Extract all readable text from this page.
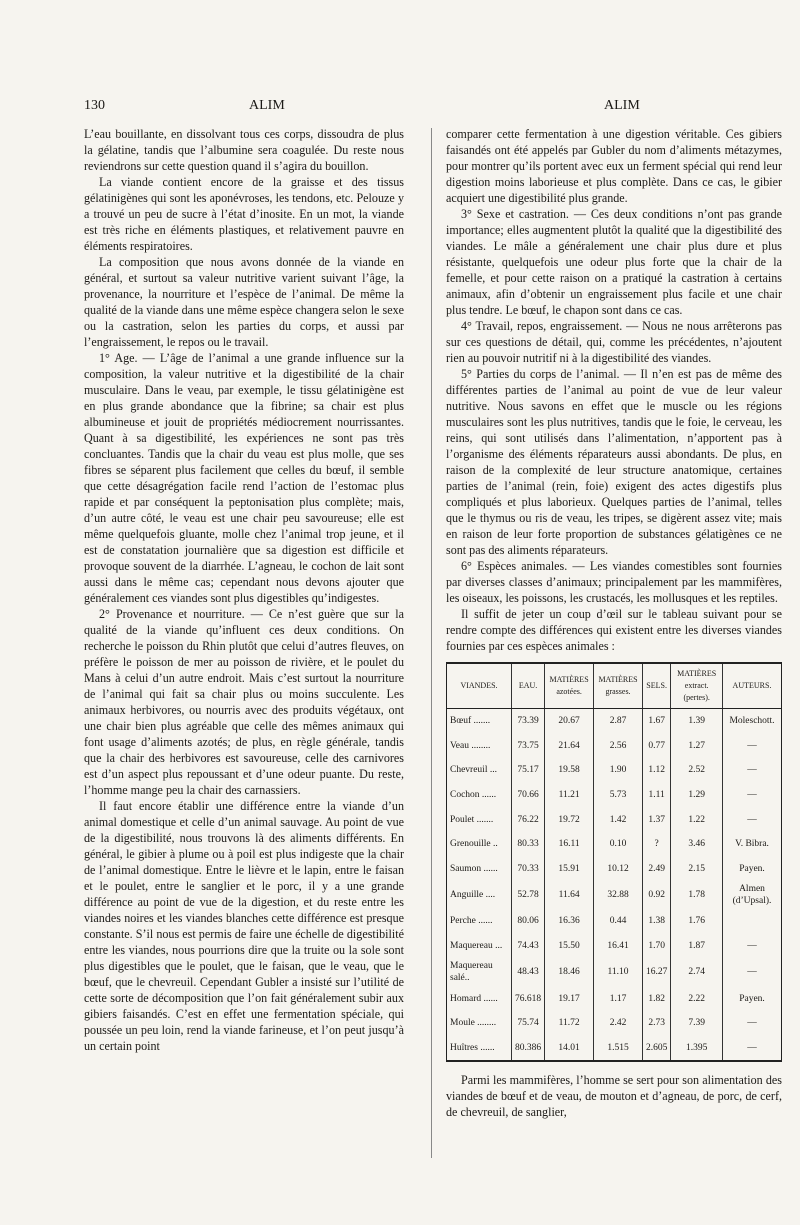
130	ALIM	ALIM

L’eau bouillante, en dissolvant tous ces corps, dissoudra de plus la gélatine, tandis que l’albumine sera coagulée. Du reste nous reviendrons sur cette question quand il s’agira du bouillon.

La viande contient encore de la graisse et des tissus gélatinigènes qui sont les aponévroses, les tendons, etc. Pelouze y a trouvé un peu de sucre à l’état d’inosite. En un mot, la viande est très riche en éléments plastiques, et relativement pauvre en éléments respiratoires.

La composition que nous avons donnée de la viande en général, et surtout sa valeur nutritive varient suivant l’âge, la provenance, la nourriture et l’espèce de l’animal. De même la qualité de la viande dans une même espèce changera selon le sexe ou la castration, selon les parties du corps, et aussi par l’engraissement, le repos ou le travail.

1° Age. — L’âge de l’animal a une grande influence sur la composition, la valeur nutritive et la digestibilité de la chair musculaire. Dans le veau, par exemple, le tissu gélatinigène est en plus grande abondance que la fibrine; sa chair est plus albumineuse et jouit de propriétés médiocrement nourrissantes. Quant à sa digestibilité, les expériences ne sont pas très concluantes. Tandis que la chair du veau est plus molle, que ses fibres se séparent plus facilement que celles du bœuf, il semble que cette désagrégation facile rend l’action de l’estomac plus rapide et par conséquent la peptonisation plus complète; mais, d’un autre côté, le veau est une chair peu savoureuse; elle est même quelquefois gluante, molle chez l’animal trop jeune, et il est de constatation journalière que sa digestion est difficile et provoque souvent de la diarrhée. L’agneau, le cochon de lait sont aussi dans le même cas; cependant nous devons ajouter que généralement ces viandes sont plus digestibles qu’indigestes.

2° Provenance et nourriture. — Ce n’est guère que sur la qualité de la viande qu’influent ces deux conditions. On recherche le poisson du Rhin plutôt que celui d’autres fleuves, on préfère le poisson de mer au poisson de rivière, et le poulet du Mans à celui d’un autre endroit. Mais c’est surtout la nourriture de l’animal qui fait sa chair plus ou moins succulente. Les animaux herbivores, ou nourris avec des produits végétaux, ont une chair bien plus agréable que celle des mêmes animaux qui font usage d’aliments azotés; de plus, en règle générale, tandis que la chair des herbivores est savoureuse, celle des carnivores est d’un aspect plus repoussant et d’une odeur puante. Du reste, l’homme mange peu la chair des carnassiers.

Il faut encore établir une différence entre la viande d’un animal domestique et celle d’un animal sauvage. Au point de vue de la digestibilité, nous trouvons là des aliments différents. En général, le gibier à plume ou à poil est plus indigeste que la chair de l’animal domestique. Entre le lièvre et le lapin, entre le faisan et le poulet, entre le sanglier et le porc, il y a une grande différence au point de vue de la digestion, et du reste entre les viandes noires et les viandes blanches cette différence est presque constante. S’il nous est permis de faire une échelle de digestibilité entre les viandes, nous pourrions dire que la truite ou la sole sont plus digestibles que le poulet, que le faisan, que le veau, que le bœuf, que le chevreuil. Cependant Gubler a insisté sur l’utilité de cette sorte de décomposition que l’on fait généralement subir aux gibiers faisandés. C’est en effet une fermentation spéciale, qui poussée un peu loin, rend la viande farineuse, et l’on peut jusqu’à un certain point

comparer cette fermentation à une digestion véritable. Ces gibiers faisandés ont été appelés par Gubler du nom d’aliments métazymes, pour montrer qu’ils portent avec eux un ferment spécial qui rend leur digestion moins laborieuse et plus complète. Dans ce cas, le gibier acquiert une digestibilité plus grande.

3° Sexe et castration. — Ces deux conditions n’ont pas grande importance; elles augmentent plutôt la qualité que la digestibilité des viandes. Le mâle a généralement une chair plus dure et plus résistante, quelquefois une odeur plus forte que la chair de la femelle, et pour cette raison on a pratiqué la castration à certains animaux, afin d’obtenir un engraissement plus facile et une chair plus tendre. Le bœuf, le chapon sont dans ce cas.

4° Travail, repos, engraissement. — Nous ne nous arrêterons pas sur ces questions de détail, qui, comme les précédentes, n’ajoutent rien au pouvoir nutritif ni à la digestibilité des viandes.

5° Parties du corps de l’animal. — Il n’en est pas de même des différentes parties de l’animal au point de vue de leur valeur nutritive. Nous savons en effet que le muscle ou les régions musculaires sont les plus nutritives, tandis que le foie, le cerveau, les reins, qui sont utilisés dans l’alimentation, n’apportent pas à l’organisme des éléments réparateurs aussi abondants. De plus, en raison de la complexité de leur structure anatomique, certaines parties de l’animal (rein, foie) exigent des actes digestifs plus compliqués et plus laborieux. Quelques parties de l’animal, telles que le thymus ou ris de veau, les tripes, se digèrent assez vite; mais en raison de leur forte proportion de substances gélatigènes ce ne sont pas des aliments réparateurs.

6° Espèces animales. — Les viandes comestibles sont fournies par diverses classes d’animaux; principalement par les mammifères, les oiseaux, les poissons, les crustacés, les mollusques et les reptiles.

Il suffit de jeter un coup d’œil sur le tableau suivant pour se rendre compte des différences qui existent entre les diverses viandes fournies par ces espèces animales :

VIANDES.	EAU.	MATIÈRES azotées.	MATIÈRES grasses.	SELS.	MATIÈRES extract. (pertes).	AUTEURS.
Bœuf .......	73.39	20.67	2.87	1.67	1.39	Moleschott.
Veau ........	73.75	21.64	2.56	0.77	1.27	—
Chevreuil ...	75.17	19.58	1.90	1.12	2.52	—
Cochon ......	70.66	11.21	5.73	1.11	1.29	—
Poulet .......	76.22	19.72	1.42	1.37	1.22	—
Grenouille ..	80.33	16.11	0.10	?	3.46	V. Bibra.
Saumon ......	70.33	15.91	10.12	2.49	2.15	Payen.
Anguille ....	52.78	11.64	32.88	0.92	1.78	Almen (d’Upsal).
Perche ......	80.06	16.36	0.44	1.38	1.76	
Maquereau ...	74.43	15.50	16.41	1.70	1.87	—
Maquereau salé..	48.43	18.46	11.10	16.27	2.74	—
Homard ......	76.618	19.17	1.17	1.82	2.22	Payen.
Moule ........	75.74	11.72	2.42	2.73	7.39	—
Huîtres ......	80.386	14.01	1.515	2.605	1.395	—

Parmi les mammifères, l’homme se sert pour son alimentation des viandes de bœuf et de veau, de mouton et d’agneau, de porc, de cerf, de chevreuil, de sanglier,
